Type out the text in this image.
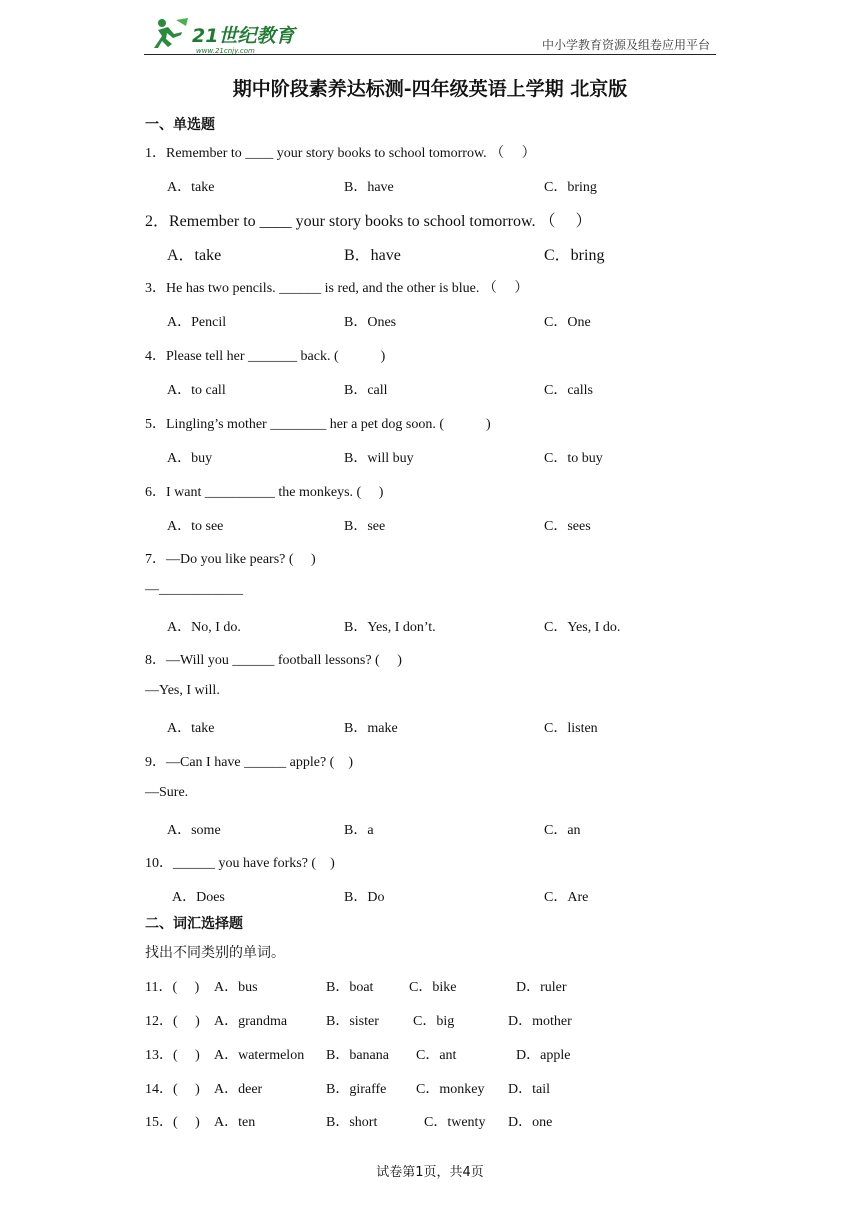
21世纪教育
www.21cnjy.com	中小学教育资源及组卷应用平台
期中阶段素养达标测-四年级英语上学期 北京版
一、单选题
1．Remember to ____ your story books to school tomorrow. （　 ）
A．take	B．have	C．bring
2．Remember to ____ your story books to school tomorrow. （　 ）
A．take	B．have	C．bring
3．He has two pencils. ______ is red, and the other is blue. （　 ）
A．Pencil	B．Ones	C．One
4．Please tell her _______ back. (　　　)
A．to call	B．call	C．calls
5．Lingling’s mother ________ her a pet dog soon. (　　　)
A．buy	B．will buy	C．to buy
6．I want __________ the monkeys. (　 )
A．to see	B．see	C．sees
7．—Do you like pears? (　 )
—____________
A．No, I do.	B．Yes, I don’t.	C．Yes, I do.
8．—Will you ______ football lessons? (　 )
—Yes, I will.
A．take	B．make	C．listen
9．—Can I have ______ apple? (　)
—Sure.
A．some	B．a	C．an
10．______ you have forks? (　)
A．Does	B．Do	C．Are
二、词汇选择题
找出不同类别的单词。
11．(　 ) A．bus	B．boat	C．bike	D．ruler
12．(　 ) A．grandma	B．sister C．big	D．mother
13．(　 ) A．watermelon B．banana C．ant	D．apple
14．(　 ) A．deer	B．giraffe C．monkey D．tail
15．(　 ) A．ten	B．short	C．twenty D．one
试卷第1页，共4页
